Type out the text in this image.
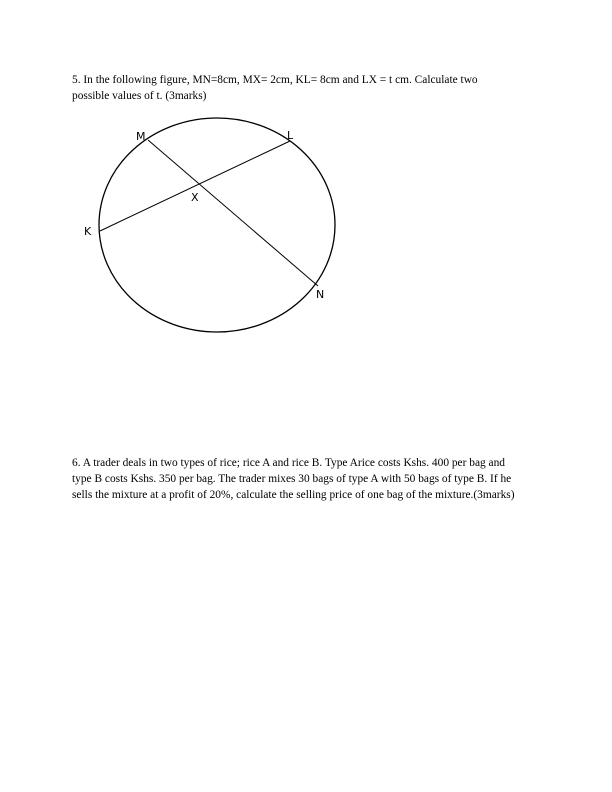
5. In the following figure, MN=8cm, MX= 2cm, KL= 8cm and LX = t cm. Calculate two
possible values of t. (3marks)
M	L
X
K
N
6. A trader deals in two types of rice; rice A and rice B. Type Arice costs Kshs. 400 per bag and
type B costs Kshs. 350 per bag. The trader mixes 30 bags of type A with 50 bags of type B. If he
sells the mixture at a profit of 20%, calculate the selling price of one bag of the mixture.(3marks)
